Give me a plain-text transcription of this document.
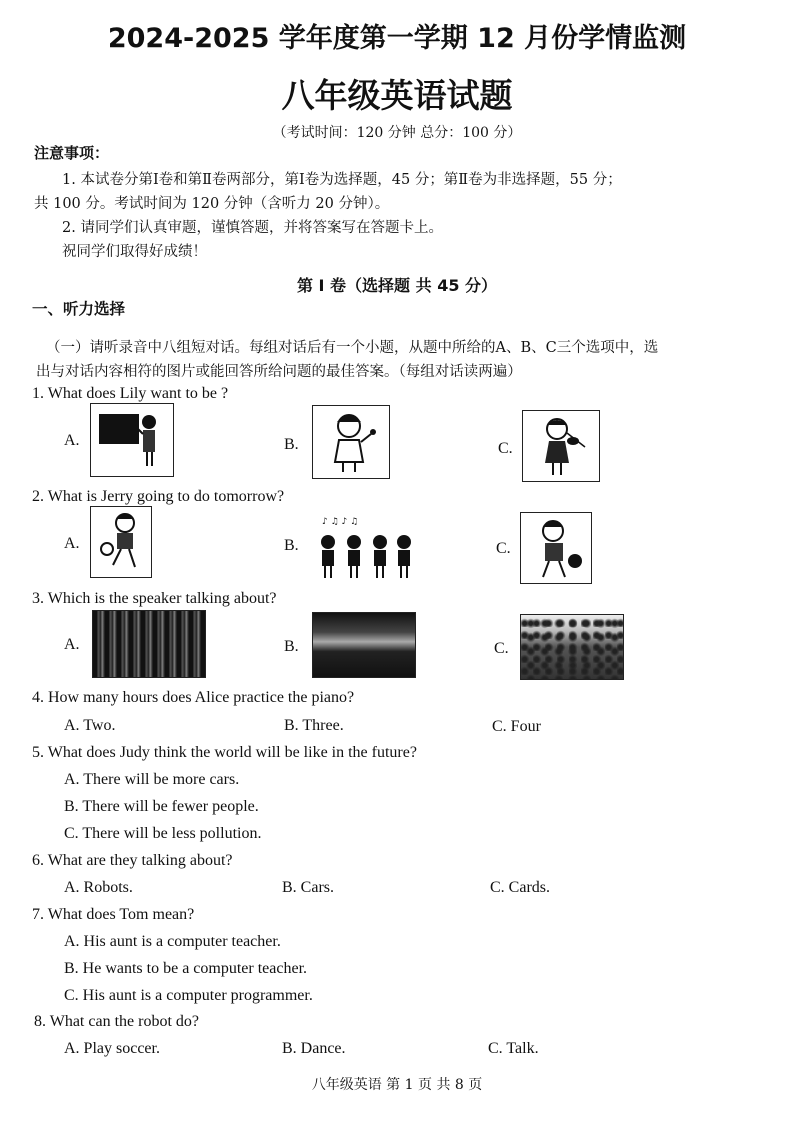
2024-2025 学年度第一学期 12 月份学情监测
八年级英语试题
（考试时间：120 分钟 总分：100 分）
注意事项：
1. 本试卷分第Ⅰ卷和第Ⅱ卷两部分，第Ⅰ卷为选择题，45 分；第Ⅱ卷为非选择题，55 分；
共 100 分。考试时间为 120 分钟（含听力 20 分钟）。
2. 请同学们认真审题，谨慎答题，并将答案写在答题卡上。
祝同学们取得好成绩！
第 Ⅰ 卷（选择题 共 45 分）
一、听力选择
（一）请听录音中八组短对话。每组对话后有一个小题，从题中所给的A、B、C三个选项中，选
出与对话内容相符的图片或能回答所给问题的最佳答案。（每组对话读两遍）
1. What does Lily want to be ?
A.	B.	C.
2. What is Jerry going to do tomorrow?
A.	B.
♪ ♫ ♪ ♫
C.
3. Which is the speaker talking about?
A.	B.	C.
4. How many hours does Alice practice the piano?
A. Two.	B. Three.	C. Four
5. What does Judy think the world will be like in the future?
A. There will be more cars.
B. There will be fewer people.
C. There will be less pollution.
6. What are they talking about?
A. Robots.	B. Cars.	C. Cards.
7. What does Tom mean?
A. His aunt is a computer teacher.
B. He wants to be a computer teacher.
C. His aunt is a computer programmer.
8. What can the robot do?
A. Play soccer.	B. Dance.	C. Talk.
八年级英语 第 1 页 共 8 页
